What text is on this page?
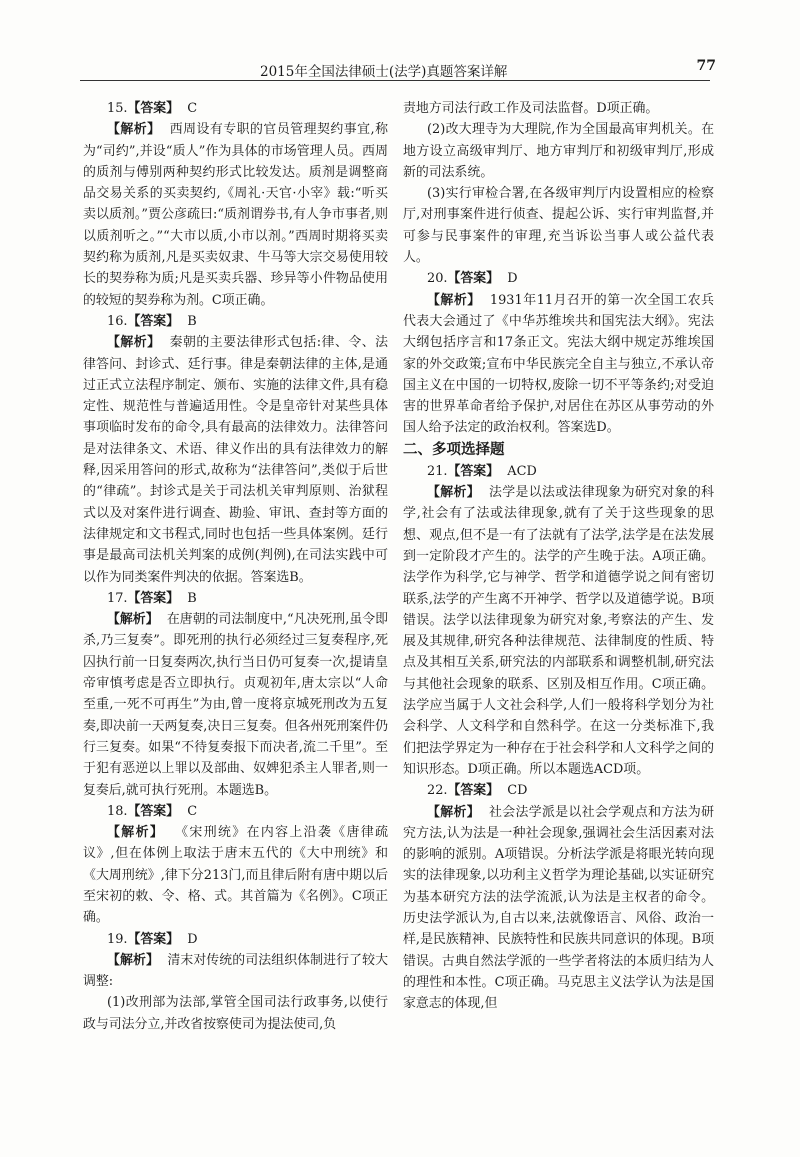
2015年全国法律硕士(法学)真题答案详解	77

15.【答案】 C

【解析】 西周设有专职的官员管理契约事宜,称为“司约”,并设“质人”作为具体的市场管理人员。西周的质剂与傅别两种契约形式比较发达。质剂是调整商品交易关系的买卖契约,《周礼·天官·小宰》载:“听买卖以质剂。”贾公彦疏曰:“质剂谓券书,有人争市事者,则以质剂听之。”“大市以质,小市以剂。”西周时期将买卖契约称为质剂,凡是买卖奴隶、牛马等大宗交易使用较长的契券称为质;凡是买卖兵器、珍异等小件物品使用的较短的契券称为剂。C项正确。

16.【答案】 B

【解析】 秦朝的主要法律形式包括:律、令、法律答问、封诊式、廷行事。律是秦朝法律的主体,是通过正式立法程序制定、颁布、实施的法律文件,具有稳定性、规范性与普遍适用性。令是皇帝针对某些具体事项临时发布的命令,具有最高的法律效力。法律答问是对法律条文、术语、律义作出的具有法律效力的解释,因采用答问的形式,故称为“法律答问”,类似于后世的“律疏”。封诊式是关于司法机关审判原则、治狱程式以及对案件进行调查、勘验、审讯、查封等方面的法律规定和文书程式,同时也包括一些具体案例。廷行事是最高司法机关判案的成例(判例),在司法实践中可以作为同类案件判决的依据。答案选B。

17.【答案】 B

【解析】 在唐朝的司法制度中,“凡决死刑,虽令即杀,乃三复奏”。即死刑的执行必须经过三复奏程序,死囚执行前一日复奏两次,执行当日仍可复奏一次,提请皇帝审慎考虑是否立即执行。贞观初年,唐太宗以“人命至重,一死不可再生”为由,曾一度将京城死刑改为五复奏,即决前一天两复奏,决日三复奏。但各州死刑案件仍行三复奏。如果“不待复奏报下而决者,流二千里”。至于犯有恶逆以上罪以及部曲、奴婢犯杀主人罪者,则一复奏后,就可执行死刑。本题选B。

18.【答案】 C

【解析】 《宋刑统》在内容上沿袭《唐律疏议》,但在体例上取法于唐末五代的《大中刑统》和《大周刑统》,律下分213门,而且律后附有唐中期以后至宋初的敕、令、格、式。其首篇为《名例》。C项正确。

19.【答案】 D

【解析】 清末对传统的司法组织体制进行了较大调整:

(1)改刑部为法部,掌管全国司法行政事务,以使行政与司法分立,并改省按察使司为提法使司,负

责地方司法行政工作及司法监督。D项正确。

(2)改大理寺为大理院,作为全国最高审判机关。在地方设立高级审判厅、地方审判厅和初级审判厅,形成新的司法系统。

(3)实行审检合署,在各级审判厅内设置相应的检察厅,对刑事案件进行侦查、提起公诉、实行审判监督,并可参与民事案件的审理,充当诉讼当事人或公益代表人。

20.【答案】 D

【解析】 1931年11月召开的第一次全国工农兵代表大会通过了《中华苏维埃共和国宪法大纲》。宪法大纲包括序言和17条正文。宪法大纲中规定苏维埃国家的外交政策;宣布中华民族完全自主与独立,不承认帝国主义在中国的一切特权,废除一切不平等条约;对受迫害的世界革命者给予保护,对居住在苏区从事劳动的外国人给予法定的政治权利。答案选D。

二、多项选择题

21.【答案】 ACD

【解析】 法学是以法或法律现象为研究对象的科学,社会有了法或法律现象,就有了关于这些现象的思想、观点,但不是一有了法就有了法学,法学是在法发展到一定阶段才产生的。法学的产生晚于法。A项正确。法学作为科学,它与神学、哲学和道德学说之间有密切联系,法学的产生离不开神学、哲学以及道德学说。B项错误。法学以法律现象为研究对象,考察法的产生、发展及其规律,研究各种法律规范、法律制度的性质、特点及其相互关系,研究法的内部联系和调整机制,研究法与其他社会现象的联系、区别及相互作用。C项正确。法学应当属于人文社会科学,人们一般将科学划分为社会科学、人文科学和自然科学。在这一分类标准下,我们把法学界定为一种存在于社会科学和人文科学之间的知识形态。D项正确。所以本题选ACD项。

22.【答案】 CD

【解析】 社会法学派是以社会学观点和方法为研究方法,认为法是一种社会现象,强调社会生活因素对法的影响的派别。A项错误。分析法学派是将眼光转向现实的法律现象,以功利主义哲学为理论基础,以实证研究为基本研究方法的法学流派,认为法是主权者的命令。历史法学派认为,自古以来,法就像语言、风俗、政治一样,是民族精神、民族特性和民族共同意识的体现。B项错误。古典自然法学派的一些学者将法的本质归结为人的理性和本性。C项正确。马克思主义法学认为法是国家意志的体现,但
